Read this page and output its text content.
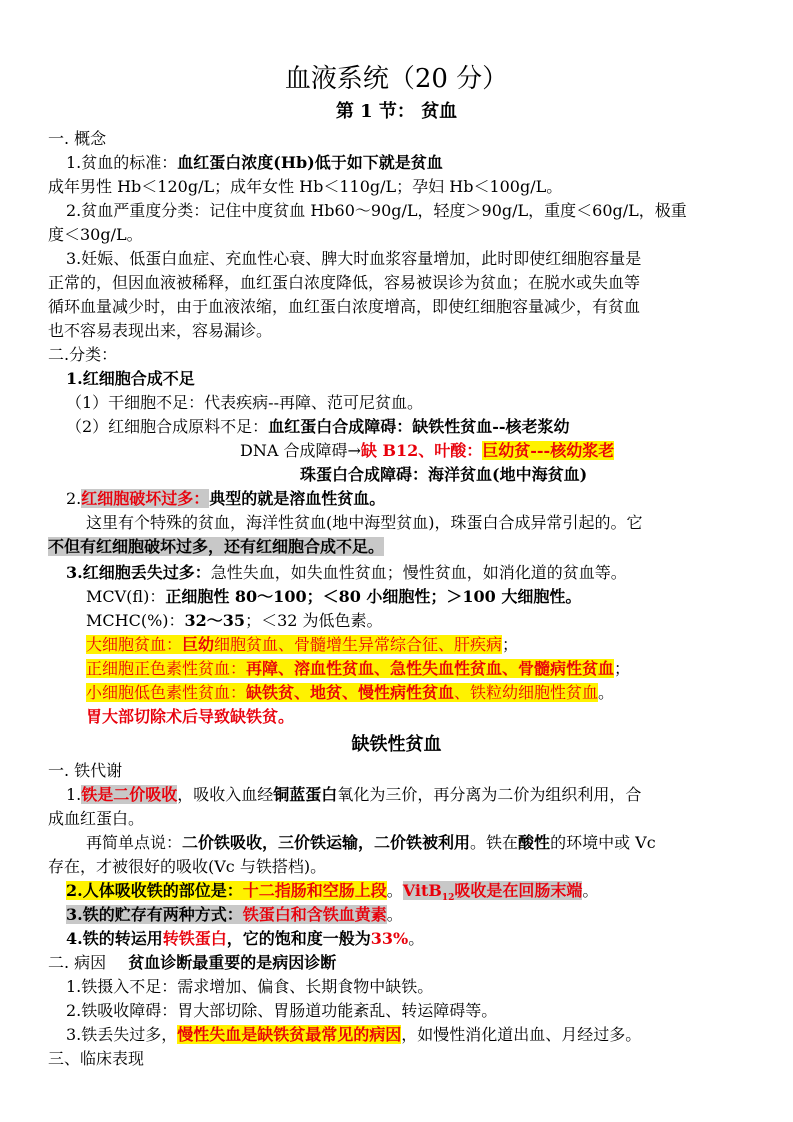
血液系统（20 分）
第 1 节： 贫血
一. 概念
1.贫血的标准：血红蛋白浓度(Hb)低于如下就是贫血
成年男性 Hb＜120g/L；成年女性 Hb＜110g/L；孕妇 Hb＜100g/L。
2.贫血严重度分类：记住中度贫血 Hb60～90g/L，轻度＞90g/L，重度＜60g/L，极重
度＜30g/L。
3.妊娠、低蛋白血症、充血性心衰、脾大时血浆容量增加，此时即使红细胞容量是
正常的，但因血液被稀释，血红蛋白浓度降低，容易被误诊为贫血；在脱水或失血等
循环血量减少时，由于血液浓缩，血红蛋白浓度增高，即使红细胞容量减少，有贫血
也不容易表现出来，容易漏诊。
二.分类：
1.红细胞合成不足
（1）干细胞不足：代表疾病--再障、范可尼贫血。
（2）红细胞合成原料不足：血红蛋白合成障碍：缺铁性贫血--核老浆幼
DNA 合成障碍→缺 B12、叶酸：巨幼贫---核幼浆老
珠蛋白合成障碍：海洋贫血(地中海贫血)
2.红细胞破坏过多：典型的就是溶血性贫血。
这里有个特殊的贫血，海洋性贫血(地中海型贫血)，珠蛋白合成异常引起的。它
不但有红细胞破坏过多，还有红细胞合成不足。
3.红细胞丢失过多：急性失血，如失血性贫血；慢性贫血，如消化道的贫血等。
MCV(fl)：正细胞性 80～100；＜80 小细胞性；＞100 大细胞性。
MCHC(%)：32～35；＜32 为低色素。
大细胞贫血：巨幼细胞贫血、骨髓增生异常综合征、肝疾病；
正细胞正色素性贫血：再障、溶血性贫血、急性失血性贫血、骨髓病性贫血；
小细胞低色素性贫血：缺铁贫、地贫、慢性病性贫血、铁粒幼细胞性贫血。
胃大部切除术后导致缺铁贫。
缺铁性贫血
一. 铁代谢
1.铁是二价吸收，吸收入血经铜蓝蛋白氧化为三价，再分离为二价为组织利用，合
成血红蛋白。
再简单点说：二价铁吸收，三价铁运输，二价铁被利用。铁在酸性的环境中或 Vc
存在，才被很好的吸收(Vc 与铁搭档)。
2.人体吸收铁的部位是：十二指肠和空肠上段。VitB$_{12}$吸收是在回肠末端。
3.铁的贮存有两种方式：铁蛋白和含铁血黄素。
4.铁的转运用转铁蛋白，它的饱和度一般为33%。
二. 病因 贫血诊断最重要的是病因诊断
1.铁摄入不足：需求增加、偏食、长期食物中缺铁。
2.铁吸收障碍：胃大部切除、胃肠道功能紊乱、转运障碍等。
3.铁丢失过多，慢性失血是缺铁贫最常见的病因，如慢性消化道出血、月经过多。
三、临床表现
